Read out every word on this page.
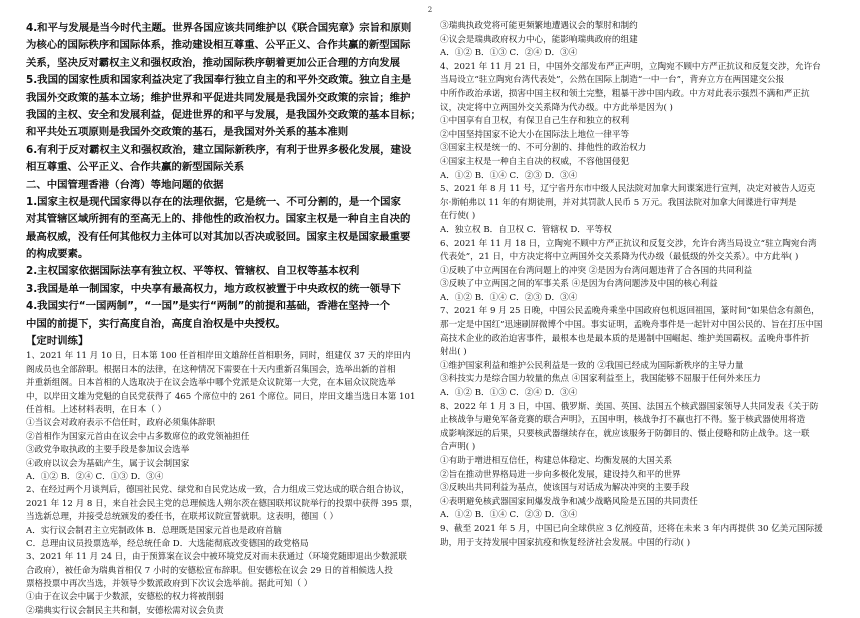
2
4.和平与发展是当今时代主题。世界各国应该共同维护以《联合国宪章》宗旨和原则
为核心的国际秩序和国际体系，推动建设相互尊重、公平正义、合作共赢的新型国际
关系，坚决反对霸权主义和强权政治，推动国际秩序朝着更加公正合理的方向发展
5.我国的国家性质和国家利益决定了我国奉行独立自主的和平外交政策。独立自主是
我国外交政策的基本立场；维护世界和平促进共同发展是我国外交政策的宗旨；维护
我国的主权、安全和发展利益，促进世界的和平与发展，是我国外交政策的基本目标；
和平共处五项原则是我国外交政策的基石，是我国对外关系的基本准则
6.有利于反对霸权主义和强权政治，建立国际新秩序，有利于世界多极化发展，建设
相互尊重、公平正义、合作共赢的新型国际关系
二、中国管理香港（台湾）等地问题的依据
1.国家主权是现代国家得以存在的法理依据，它是统一、不可分割的，是一个国家
对其管辖区域所拥有的至高无上的、排他性的政治权力。国家主权是一种自主自决的
最高权威，没有任何其他权力主体可以对其加以否决或驳回。国家主权是国家最重要
的构成要素。
2.主权国家依据国际法享有独立权、平等权、管辖权、自卫权等基本权利
3.我国是单一制国家，中央享有最高权力，地方政权被置于中央政权的统一领导下
4.我国实行“一国两制”，“一国”是实行“两制”的前提和基础，香港在坚持一个
中国的前提下，实行高度自治，高度自治权是中央授权。
【定时训练】
1、2021 年 11 月 10 日，日本第 100 任首相岸田文雄辞任首相职务，同时，组建仅 37 天的岸田内
阁成员也全部辞职。根据日本的法律，在这种情况下需要在十天内重新召集国会，选举出新的首相
并重新组阁。日本首相的人选取决于在议会选举中哪个党派是众议院第一大党，在本届众议院选举
中，以岸田文雄为党魁的自民党获得了 465 个席位中的 261 个席位。同日，岸田文雄当选日本第 101
任首相。上述材料表明，在日本（ ）
①当议会对政府表示不信任时，政府必须集体辞职
②首相作为国家元首由在议会中占多数席位的政党领袖担任
③政党争取执政的主要手段是参加议会选举
④政府以议会为基础产生，属于议会制国家
A．①② B．②④ C．①③ D．③④
2、在经过两个月谈判后，德国社民党、绿党和自民党达成一致，合力组成三党达成的联合组合协议，
2021 年 12 月 8 日，来自社会民主党的总理候选人朔尔茨在德国联邦议院举行的投票中获得 395 票，
当选新总理，并接受总统颁发的委任书，在联邦议院宣誓就职。这表明，德国（ ）
A．实行议会制君主立宪制政体 B．总理既是国家元首也是政府首脑
C．总理由议员投票选举，经总统任命 D．大选能彻底改变德国的政党格局
3、2021 年 11 月 24 日，由于预算案在议会中被环境党反对而未获通过（环境党随即退出少数派联
合政府），被任命为瑞典首相仅 7 小时的安德松宣布辞职。但安德松在议会 29 日的首相候选人投
票格投票中再次当选，并领导少数派政府到下次议会选举前。据此可知（ ）
①由于在议会中属于少数派，安德松的权力将被削弱
②瑞典实行议会制民主共和制，安德松需对议会负责
③瑞典执政党将可能更频繁地遭遇议会的掣肘和制约
④议会是瑞典政府权力中心，能影响瑞典政府的组建
A．①② B．①③ C．②④ D．③④
4、2021 年 11 月 21 日，中国外交部发布严正声明，立陶宛不顾中方严正抗议和反复交涉，允许台
当局设立“驻立陶宛台湾代表处”，公然在国际上制造“一中一台”，背弃立方在两国建交公报
中所作政治承诺，损害中国主权和领土完整，粗暴干涉中国内政。中方对此表示强烈不满和严正抗
议，决定将中立两国外交关系降为代办级。中方此举是因为( )
①中国享有自卫权，有保卫自己生存和独立的权利
②中国坚持国家不论大小在国际法上地位一律平等
③国家主权是统一的、不可分割的、排他性的政治权力
④国家主权是一种自主自决的权威，不容他国侵犯
A．①② B．①④ C．②③ D．③④
5、2021 年 8 月 11 号，辽宁省丹东市中级人民法院对加拿大间谍案进行宣判，决定对被告人迈克
尔·斯帕弗以 11 年的有期徒刑，并对其罚款人民币 5 万元。我国法院对加拿大间谍进行审判是
在行使( )
A．独立权 B．自卫权 C．管辖权 D．平等权
6、2021 年 11 月 18 日，立陶宛不顾中方严正抗议和反复交涉，允许台湾当局设立“驻立陶宛台湾
代表处”，21 日，中方决定将中立两国外交关系降为代办级（最低级的外交关系）。中方此举( )
①反映了中立两国在台湾问题上的冲突 ②是因为台湾问题违背了合各国的共同利益
③反映了中立两国之间的军事关系 ④是因为台湾问题涉及中国的核心利益
A．①② B．①④ C．②③ D．③④
7、2021 年 9 月 25 日晚，中国公民孟晚舟乘坐中国政府包机返回祖国，篆时间“如果信念有颜色，
那一定是中国红”迅速刷屏微博个中国。事实证明，孟晚舟事件是一起针对中国公民的、旨在打压中国
高技术企业的政治迫害事件，最根本也是最本质的是遏制中国崛起、维护美国霸权。孟晚舟事件折
射出( )
①维护国家利益和维护公民利益是一致的 ②我国已经成为国际新秩序的主导力量
③科技实力是综合国力较量的焦点 ④国家利益至上，我国能够不屈服于任何外来压力
A．①② B．①③ C．②④ D．③④
8、2022 年 1 月 3 日，中国、俄罗斯、美国、英国、法国五个核武器国家领导人共同发表《关于防
止核战争与避免军备竞赛的联合声明》，五国申明，核战争打不赢也打不得。鉴于核武器使用将造
成影响深远的后果，只要核武器继续存在，就应该服务于防御目的、慑止侵略和防止战争。这一联
合声明( )
①有助于增进相互信任，构建总体稳定、均衡发展的大国关系
②旨在推动世界格局进一步向多极化发展，建设持久和平的世界
③反映出共同利益为基点，使该国与对话成为解决冲突的主要手段
④表明避免核武器国家间爆发战争和减少战略风险是五国的共同责任
A．①② B．①④ C．②③ D．③④
9、截至 2021 年 5 月，中国已向全球供应 3 亿剂疫苗，还将在未来 3 年内再提供 30 亿美元国际援
助，用于支持发展中国家抗疫和恢复经济社会发展。中国的行动( )
